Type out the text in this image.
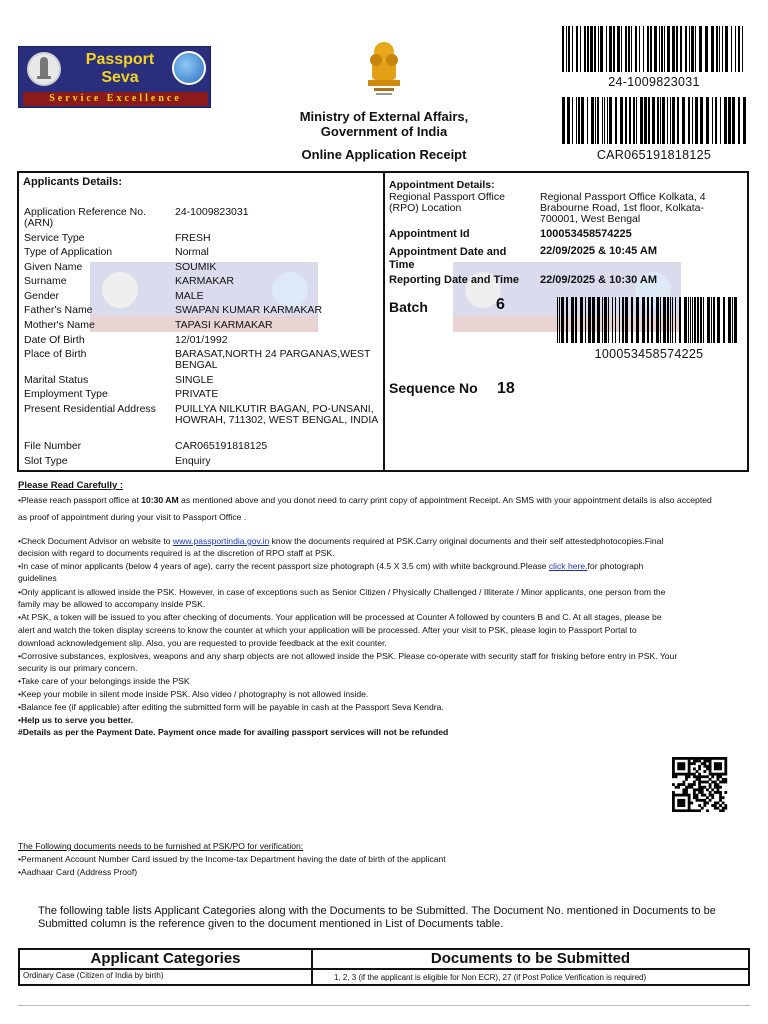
Passport
Seva
Service Excellence
Ministry of External Affairs,
Government of India
Online Application Receipt
24-1009823031
CAR065191818125
Applicants Details:
Application Reference No. (ARN)
24-1009823031
Service Type	FRESH
Type of Application	Normal
Given Name	SOUMIK
Surname	KARMAKAR
Gender	MALE
Father's Name	SWAPAN KUMAR KARMAKAR
Mother's Name	TAPASI KARMAKAR
Date Of Birth	12/01/1992
Place of Birth	BARASAT,NORTH 24 PARGANAS,WEST BENGAL
Marital Status	SINGLE
Employment Type	PRIVATE
Present Residential Address PUILLYA NILKUTIR BAGAN, PO-UNSANI, HOWRAH, 711302, WEST BENGAL, INDIA
File Number	CAR065191818125
Slot Type	Enquiry
Appointment Details:
Regional Passport Office (RPO) Location
Regional Passport Office Kolkata, 4 Brabourne Road, 1st floor, Kolkata-700001, West Bengal
Appointment Id	100053458574225
Appointment Date and Time
22/09/2025 & 10:45 AM
Reporting Date and Time 22/09/2025 & 10:30 AM
Batch	6
100053458574225
Sequence No 18
Please Read Carefully :
•Please reach passport office at 10:30 AM as mentioned above and you donot need to carry print copy of appointment Receipt. An SMS with your appointment details is also accepted
as proof of appointment during your visit to Passport Office .
•Check Document Advisor on website to www.passportindia.gov.in know the documents required at PSK.Carry original documents and their self attestedphotocopies.Final
decision with regard to documents required is at the discretion of RPO staff at PSK.
•In case of minor applicants (below 4 years of age), carry the recent passport size photograph (4.5 X 3.5 cm) with white background.Please click here.for photograph
guidelines
•Only applicant is allowed inside the PSK. However, in case of exceptions such as Senior Citizen / Physically Challenged / Illiterate / Minor applicants, one person from the
family may be allowed to accompany inside PSK.
•At PSK, a token will be issued to you after checking of documents. Your application will be processed at Counter A followed by counters B and C. At all stages, please be
alert and watch the token display screens to know the counter at which your application will be processed. After your visit to PSK, please login to Passport Portal to
download acknowledgement slip. Also, you are requested to provide feedback at the exit counter.
•Corrosive substances, explosives, weapons and any sharp objects are not allowed inside the PSK. Please co-operate with security staff for frisking before entry in PSK. Your
security is our primary concern.
•Take care of your belongings inside the PSK
•Keep your mobile in silent mode inside PSK. Also video / photography is not allowed inside.
•Balance fee (if applicable) after editing the submitted form will be payable in cash at the Passport Seva Kendra.
•Help us to serve you better.
#Details as per the Payment Date. Payment once made for availing passport services will not be refunded
The Following documents needs to be furnished at PSK/PO for verification:
•Permanent Account Number Card issued by the Income-tax Department having the date of birth of the applicant
•Aadhaar Card (Address Proof)
The following table lists Applicant Categories along with the Documents to be Submitted. The Document No. mentioned in Documents to be Submitted column is the reference given to the document mentioned in List of Documents table.
Applicant Categories	Documents to be Submitted
Ordinary Case (Citizen of India by birth)	1, 2, 3 (if the applicant is eligible for Non ECR), 27 (if Post Police Verification is required)
